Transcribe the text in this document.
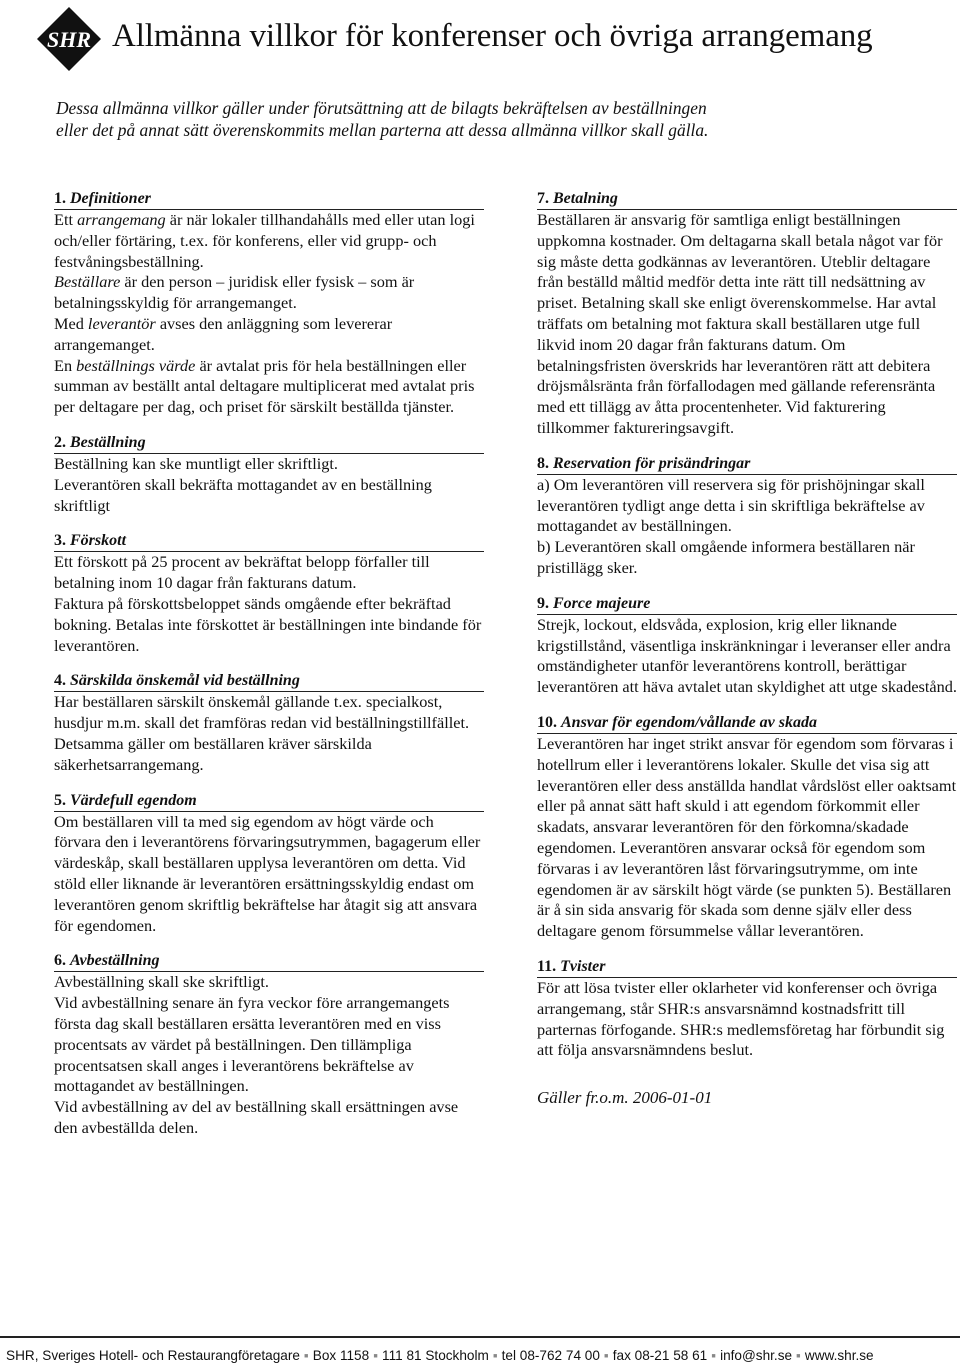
SHR Allmänna villkor för konferenser och övriga arrangemang
Dessa allmänna villkor gäller under förutsättning att de bilagts bekräftelsen av beställningen
eller det på annat sätt överenskommits mellan parterna att dessa allmänna villkor skall gälla.
1. Definitioner

Ett arrangemang är när lokaler tillhandahålls med eller utan logi och/eller förtäring, t.ex. för konferens, eller vid grupp- och festvåningsbeställning.

Beställare är den person – juridisk eller fysisk – som är betalningsskyldig för arrangemanget.

Med leverantör avses den anläggning som levererar arrangemanget.

En beställnings värde är avtalat pris för hela beställningen eller summan av beställt antal deltagare multiplicerat med avtalat pris per deltagare per dag, och priset för särskilt beställda tjänster.

2. Beställning

Beställning kan ske muntligt eller skriftligt.

Leverantören skall bekräfta mottagandet av en beställning skriftligt

3. Förskott

Ett förskott på 25 procent av bekräftat belopp förfaller till betalning inom 10 dagar från fakturans datum.

Faktura på förskottsbeloppet sänds omgående efter bekräftad bokning. Betalas inte förskottet är beställningen inte bindande för leverantören.

4. Särskilda önskemål vid beställning

Har beställaren särskilt önskemål gällande t.ex. specialkost, husdjur m.m. skall det framföras redan vid beställningstillfället. Detsamma gäller om beställaren kräver särskilda säkerhetsarrangemang.

5. Värdefull egendom

Om beställaren vill ta med sig egendom av högt värde och förvara den i leverantörens förvaringsutrymmen, bagagerum eller värdeskåp, skall beställaren upplysa leverantören om detta. Vid stöld eller liknande är leverantören ersättningsskyldig endast om leverantören genom skriftlig bekräftelse har åtagit sig att ansvara för egendomen.

6. Avbeställning

Avbeställning skall ske skriftligt.

Vid avbeställning senare än fyra veckor före arrangemangets första dag skall beställaren ersätta leverantören med en viss procentsats av värdet på beställningen. Den tillämpliga procentsatsen skall anges i leverantörens bekräftelse av mottagandet av beställningen.

Vid avbeställning av del av beställning skall ersättningen avse den avbeställda delen.

7. Betalning

Beställaren är ansvarig för samtliga enligt beställningen uppkomna kostnader. Om deltagarna skall betala något var för sig måste detta godkännas av leverantören. Uteblir deltagare från beställd måltid medför detta inte rätt till nedsättning av priset. Betalning skall ske enligt överenskommelse. Har avtal träffats om betalning mot faktura skall beställaren utge full likvid inom 20 dagar från fakturans datum. Om betalningsfristen överskrids har leverantören rätt att debitera dröjsmålsränta från förfallodagen med gällande referensränta med ett tillägg av åtta procentenheter. Vid fakturering tillkommer faktureringsavgift.

8. Reservation för prisändringar

a) Om leverantören vill reservera sig för prishöjningar skall leverantören tydligt ange detta i sin skriftliga bekräftelse av mottagandet av beställningen.

b) Leverantören skall omgående informera beställaren när pristillägg sker.

9. Force majeure

Strejk, lockout, eldsvåda, explosion, krig eller liknande krigstillstånd, väsentliga inskränkningar i leveranser eller andra omständigheter utanför leverantörens kontroll, berättigar leverantören att häva avtalet utan skyldighet att utge skadestånd.

10. Ansvar för egendom/vållande av skada

Leverantören har inget strikt ansvar för egendom som förvaras i hotellrum eller i leverantörens lokaler. Skulle det visa sig att leverantören eller dess anställda handlat vårdslöst eller oaktsamt eller på annat sätt haft skuld i att egendom förkommit eller skadats, ansvarar leverantören för den förkomna/skadade egendomen. Leverantören ansvarar också för egendom som förvaras i av leverantören låst förvaringsutrymme, om inte egendomen är av särskilt högt värde (se punkten 5). Beställaren är å sin sida ansvarig för skada som denne själv eller dess deltagare genom försummelse vållar leverantören.

11. Tvister

För att lösa tvister eller oklarheter vid konferenser och övriga arrangemang, står SHR:s ansvarsnämnd kostnadsfritt till parternas förfogande. SHR:s medlemsföretag har förbundit sig att följa ansvarsnämndens beslut.

Gäller fr.o.m. 2006-01-01
SHR, Sveriges Hotell- och Restaurangföretagare ▪ Box 1158 ▪ 111 81 Stockholm ▪ tel 08-762 74 00 ▪ fax 08-21 58 61 ▪ info@shr.se ▪ www.shr.se
